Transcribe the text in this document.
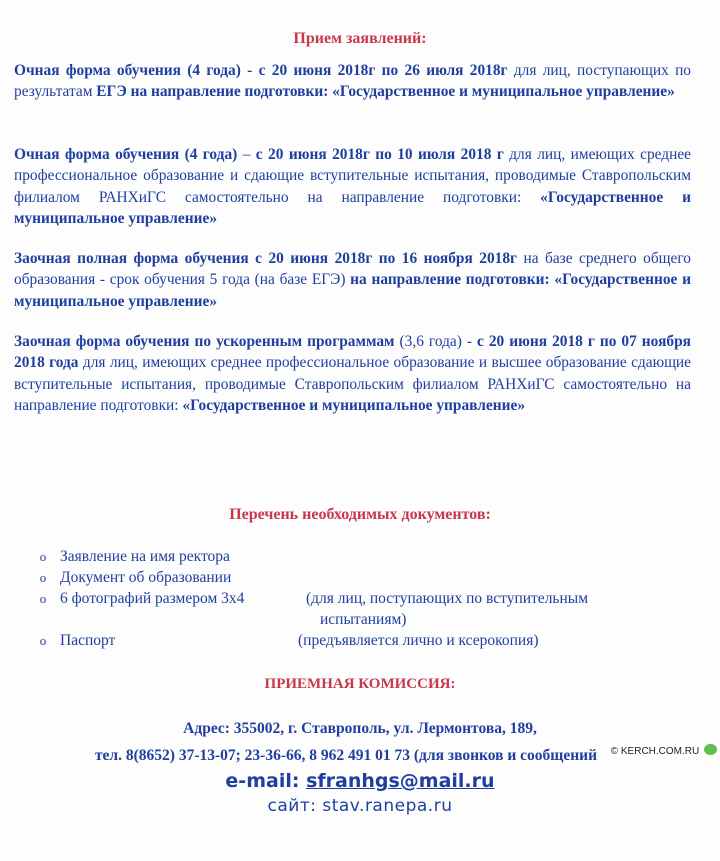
Прием заявлений:
Очная форма обучения (4 года) - с 20 июня 2018г по 26 июля 2018г для лиц, поступающих по результатам ЕГЭ на направление подготовки: «Государственное и муниципальное управление»
Очная форма обучения (4 года) – с 20 июня 2018г по 10 июля 2018 г для лиц, имеющих среднее профессиональное образование и сдающие вступительные испытания, проводимые Ставропольским филиалом РАНХиГС самостоятельно на направление подготовки: «Государственное и муниципальное управление»
Заочная полная форма обучения с 20 июня 2018г по 16 ноября 2018г на базе среднего общего образования - срок обучения 5 года (на базе ЕГЭ) на направление подготовки: «Государственное и муниципальное управление»
Заочная форма обучения по ускоренным программам (3,6 года) - с 20 июня 2018 г по 07 ноября 2018 года для лиц, имеющих среднее профессиональное образование и высшее образование сдающие вступительные испытания, проводимые Ставропольским филиалом РАНХиГС самостоятельно на направление подготовки: «Государственное и муниципальное управление»
Перечень необходимых документов:
o Заявление на имя ректора
o Документ об образовании
o 6 фотографий размером 3х4	(для лиц, поступающих по вступительным
испытаниям)
o Паспорт	(предъявляется лично и ксерокопия)
ПРИЕМНАЯ КОМИССИЯ:
Адрес: 355002, г. Ставрополь, ул. Лермонтова, 189,
тел. 8(8652) 37-13-07; 23-36-66, 8 962 491 01 73 (для звонков и сообщений
e-mail: sfranhgs@mail.ru
сайт: stav.ranepa.ru
© KERCH.COM.RU
